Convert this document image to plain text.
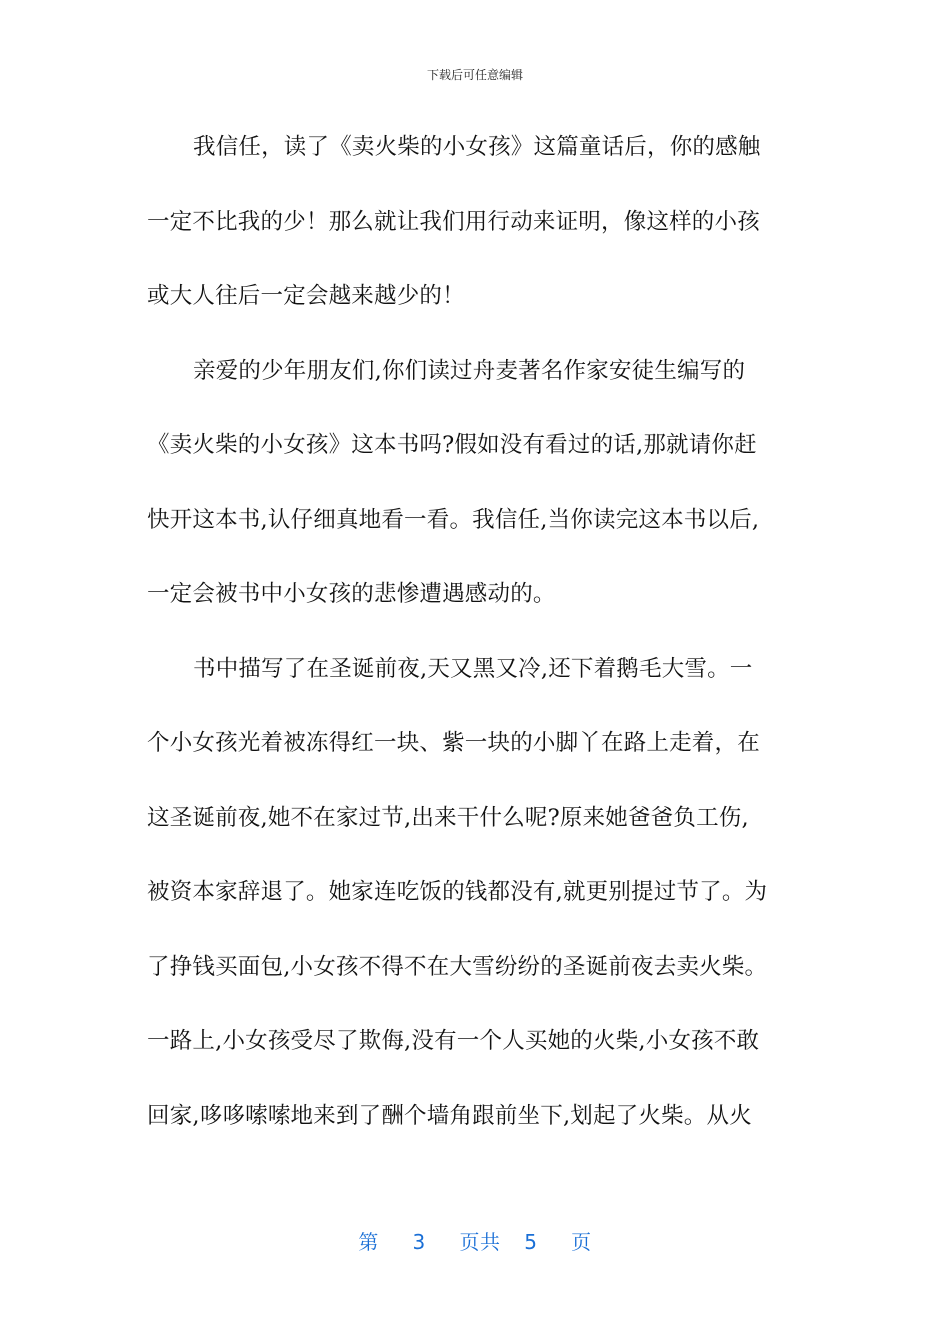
下载后可任意编辑
我信任，读了《卖火柴的小女孩》这篇童话后，你的感触
一定不比我的少！那么就让我们用行动来证明，像这样的小孩
或大人往后一定会越来越少的！
亲爱的少年朋友们,你们读过舟麦著名作家安徒生编写的
《卖火柴的小女孩》这本书吗?假如没有看过的话,那就请你赶
快开这本书,认仔细真地看一看。我信任,当你读完这本书以后,
一定会被书中小女孩的悲惨遭遇感动的。
书中描写了在圣诞前夜,天又黑又冷,还下着鹅毛大雪。一
个小女孩光着被冻得红一块、紫一块的小脚丫在路上走着，在
这圣诞前夜,她不在家过节,出来干什么呢?原来她爸爸负工伤,
被资本家辞退了。她家连吃饭的钱都没有,就更别提过节了。为
了挣钱买面包,小女孩不得不在大雪纷纷的圣诞前夜去卖火柴。
一路上,小女孩受尽了欺侮,没有一个人买她的火柴,小女孩不敢
回家,哆哆嗦嗦地来到了酬个墙角跟前坐下,划起了火柴。从火
第 3 页共 5 页
